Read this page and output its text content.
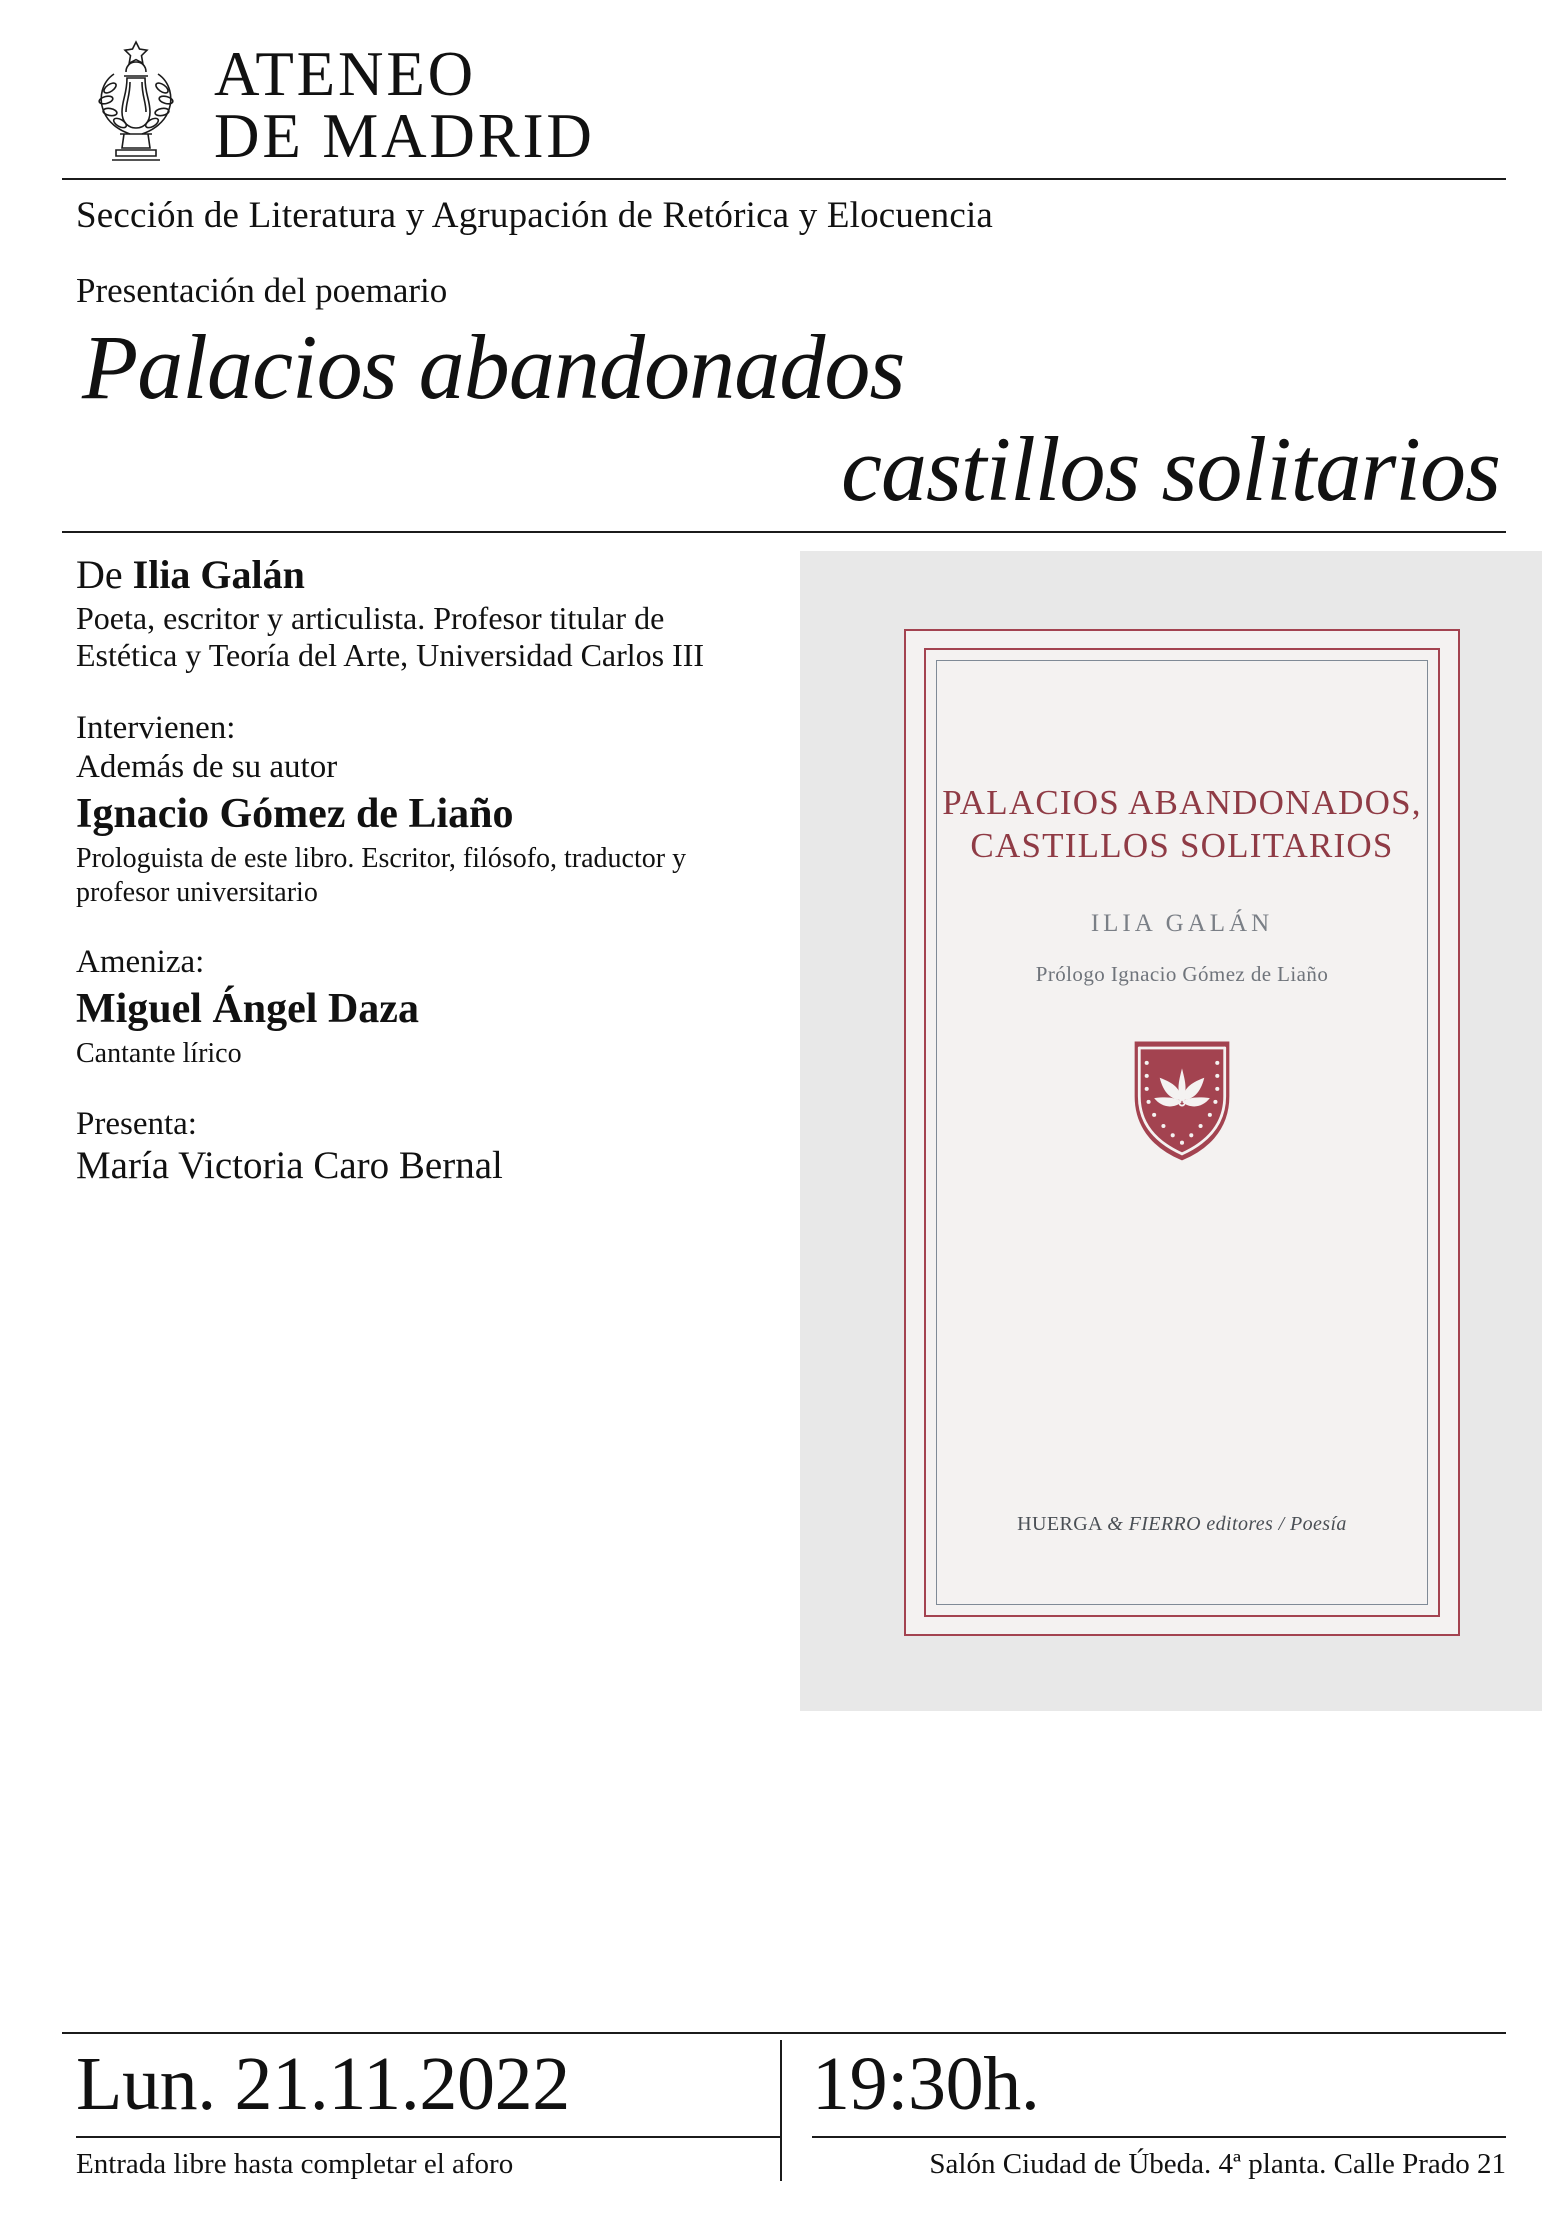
ATENEO
DE MADRID
Sección de Literatura y Agrupación de Retórica y Elocuencia
Presentación del poemario
Palacios abandonados
castillos solitarios
De Ilia Galán
Poeta, escritor y articulista. Profesor titular de Estética y Teoría del Arte, Universidad Carlos III
Intervienen:
Además de su autor
Ignacio Gómez de Liaño
Prologuista de este libro. Escritor, filósofo, traductor y profesor universitario
Ameniza:
Miguel Ángel Daza
Cantante lírico
Presenta:
María Victoria Caro Bernal
PALACIOS ABANDONADOS, CASTILLOS SOLITARIOS
ILIA GALÁN
Prólogo Ignacio Gómez de Liaño
HUERGA & FIERRO editores / Poesía
Lun. 21.11.2022
Entrada libre hasta completar el aforo
19:30h.
Salón Ciudad de Úbeda. 4ª planta. Calle Prado 21
